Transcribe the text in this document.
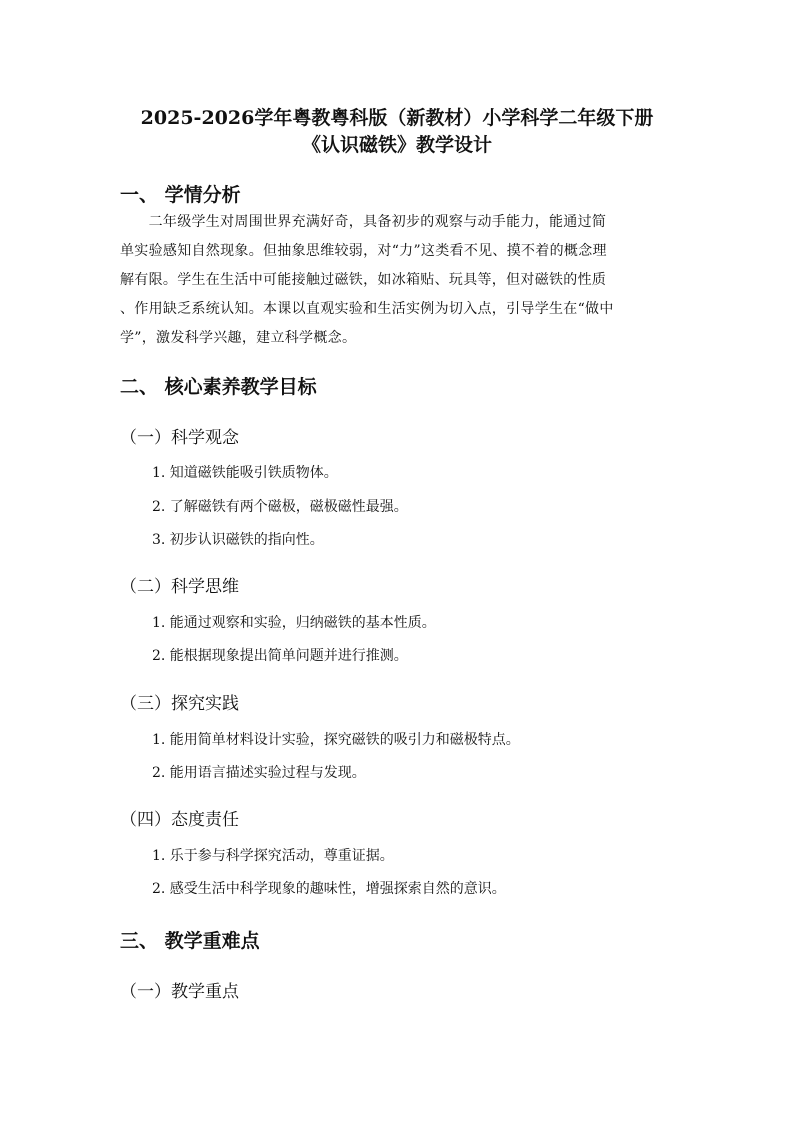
2025-2026学年粤教粤科版（新教材）小学科学二年级下册
《认识磁铁》教学设计
一、 学情分析
　　二年级学生对周围世界充满好奇，具备初步的观察与动手能力，能通过简
单实验感知自然现象。但抽象思维较弱，对“力”这类看不见、摸不着的概念理
解有限。学生在生活中可能接触过磁铁，如冰箱贴、玩具等，但对磁铁的性质
、作用缺乏系统认知。本课以直观实验和生活实例为切入点，引导学生在“做中
学”，激发科学兴趣，建立科学概念。
二、 核心素养教学目标
（一）科学观念
1. 知道磁铁能吸引铁质物体。
2. 了解磁铁有两个磁极，磁极磁性最强。
3. 初步认识磁铁的指向性。
（二）科学思维
1. 能通过观察和实验，归纳磁铁的基本性质。
2. 能根据现象提出简单问题并进行推测。
（三）探究实践
1. 能用简单材料设计实验，探究磁铁的吸引力和磁极特点。
2. 能用语言描述实验过程与发现。
（四）态度责任
1. 乐于参与科学探究活动，尊重证据。
2. 感受生活中科学现象的趣味性，增强探索自然的意识。
三、 教学重难点
（一）教学重点
